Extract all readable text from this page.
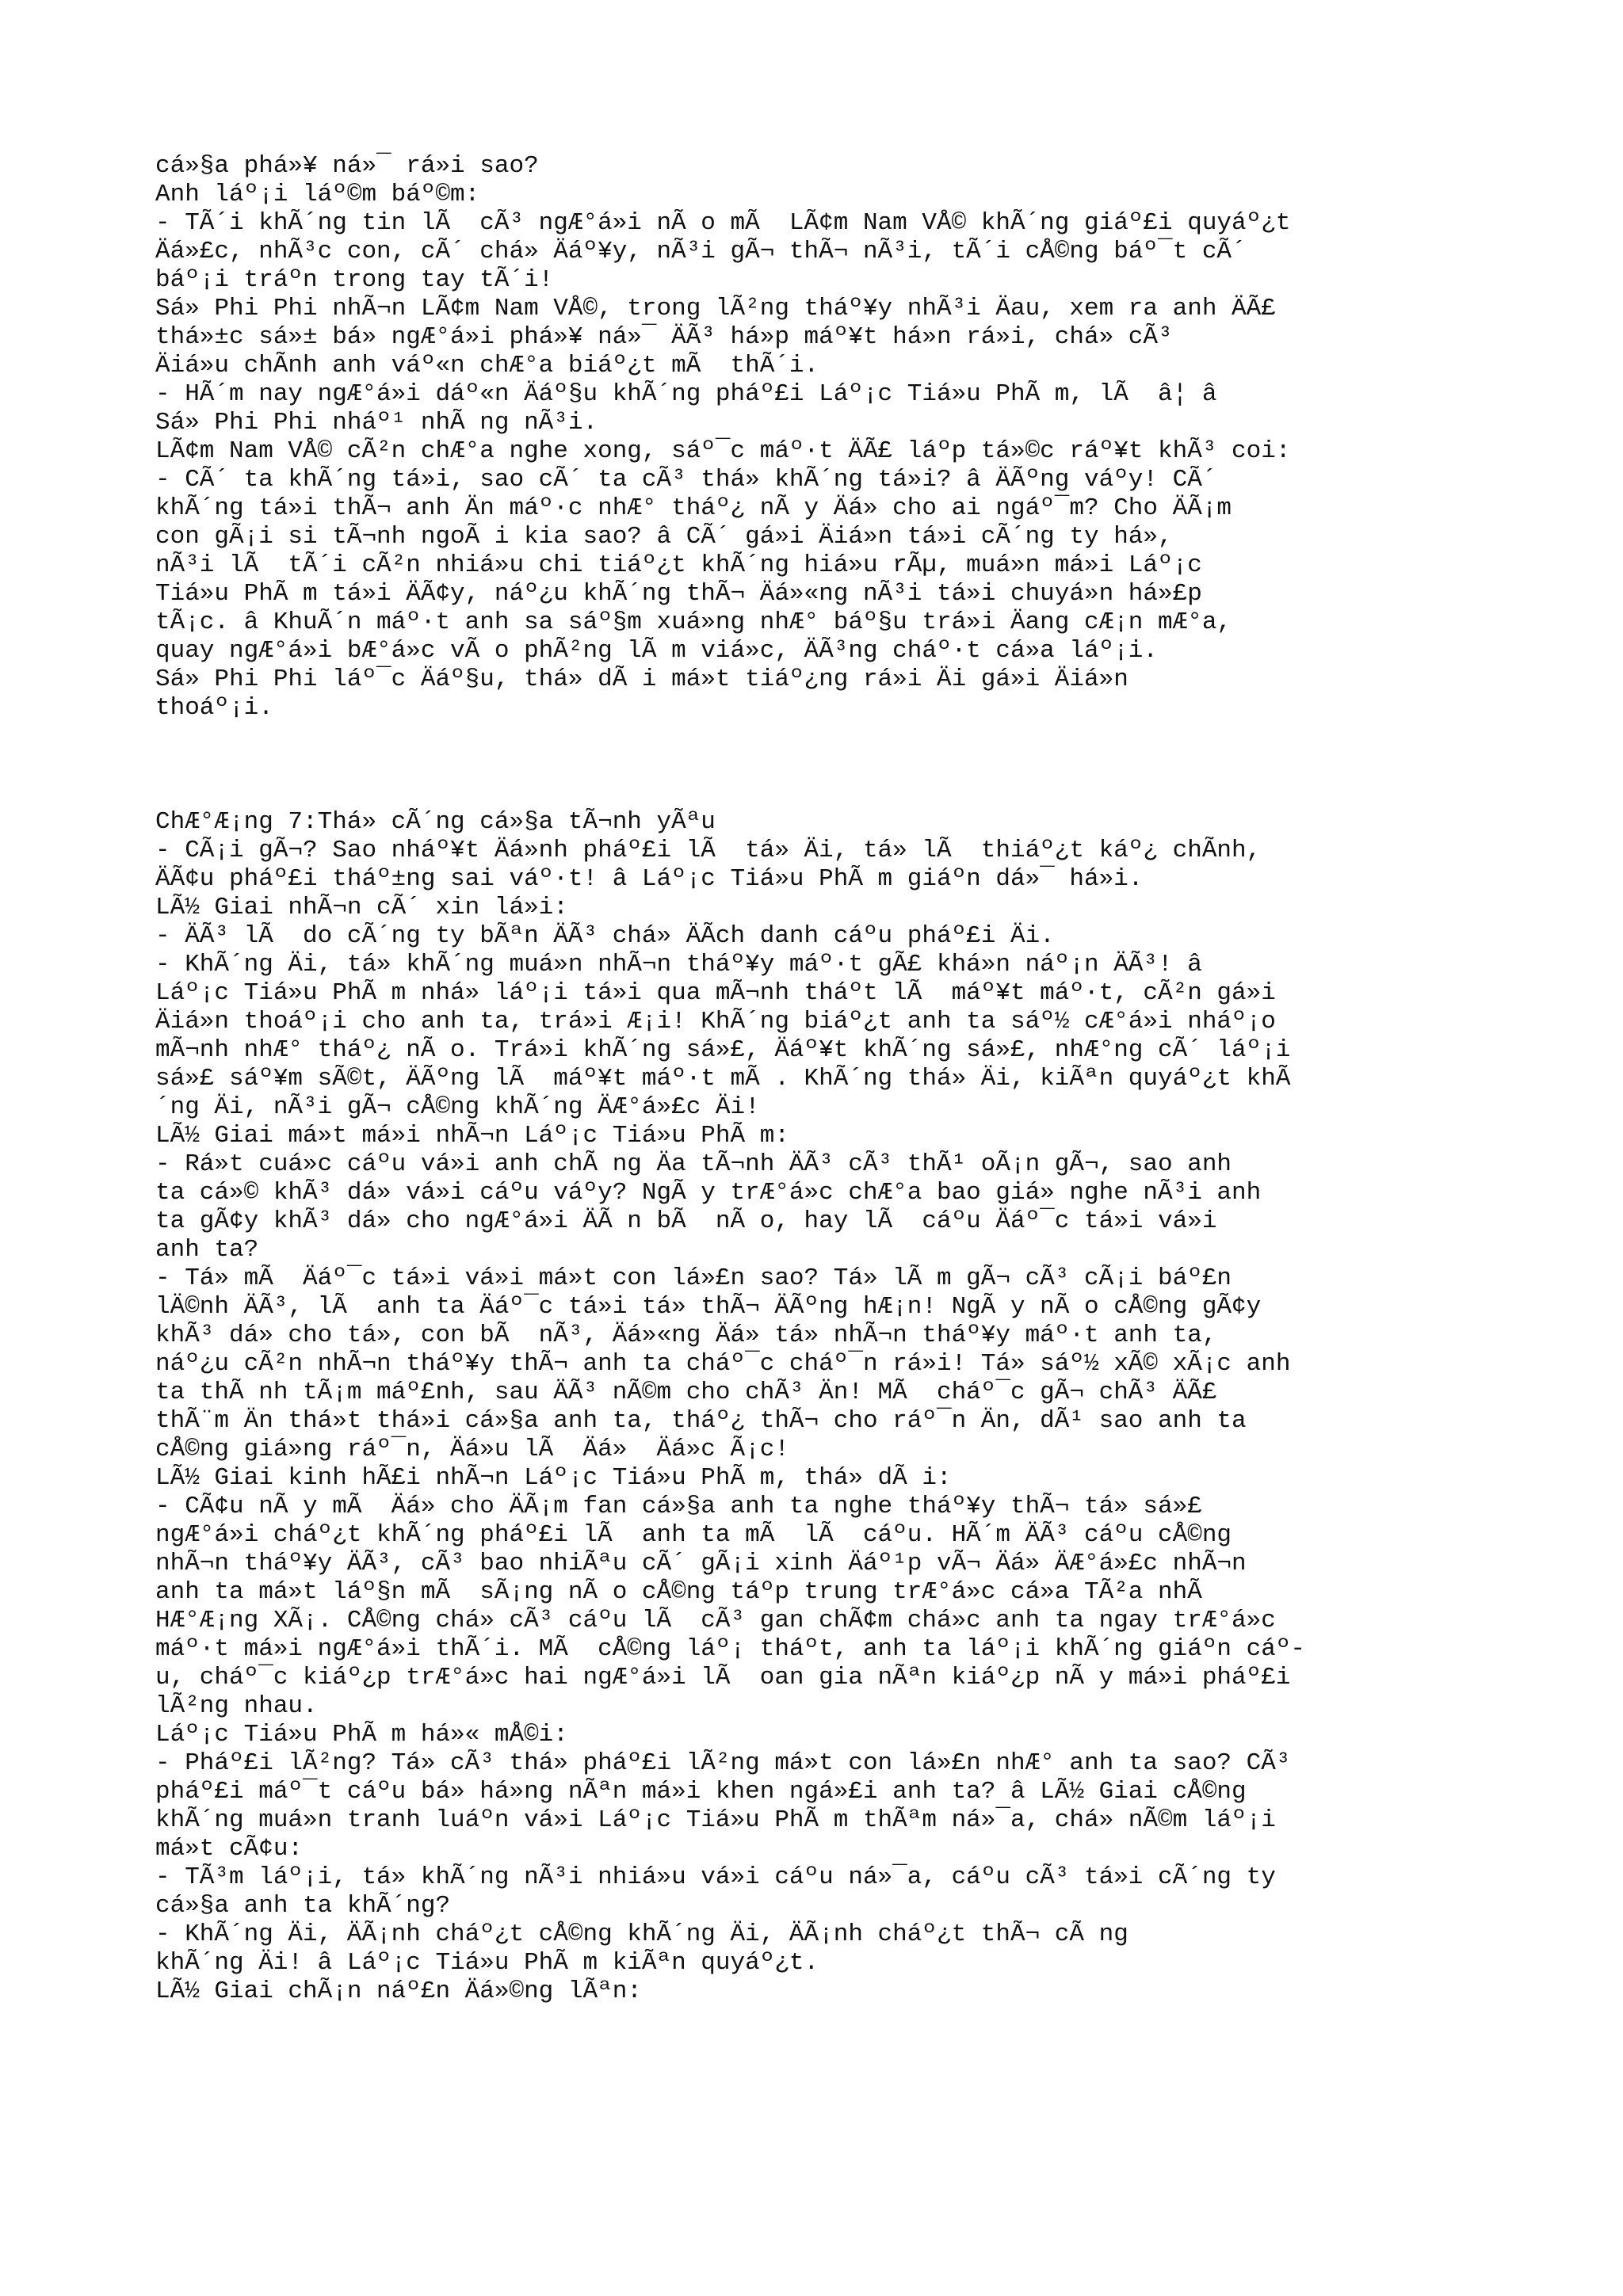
cá»§a phá»¥ ná»¯ rá»i sao?
Anh láº¡i láº©m báº©m:
- TÃ´i khÃ´ng tin lÃ  cÃ³ ngÆ°á»i nÃ o mÃ  LÃ¢m Nam VÅ© khÃ´ng giáº£i quyáº¿t
Äá»£c, nhÃ³c con, cÃ´ chá» Äáº¥y, nÃ³i gÃ¬ thÃ¬ nÃ³i, tÃ´i cÅ©ng báº¯t cÃ´
báº¡i tráºn trong tay tÃ´i!
Sá» Phi Phi nhÃ¬n LÃ¢m Nam VÅ©, trong lÃ²ng tháº¥y nhÃ³i Äau, xem ra anh ÄÃ£
thá»±c sá»± bá» ngÆ°á»i phá»¥ ná»¯ ÄÃ³ há»p máº¥t há»n rá»i, chá» cÃ³
Äiá»u chÃnh anh váº«n chÆ°a biáº¿t mÃ  thÃ´i.
- HÃ´m nay ngÆ°á»i dáº«n Äáº§u khÃ´ng pháº£i Láº¡c Tiá»u PhÃ m, lÃ  â¦ â
Sá» Phi Phi nháº¹ nhÃ ng nÃ³i.
LÃ¢m Nam VÅ© cÃ²n chÆ°a nghe xong, sáº¯c máº·t ÄÃ£ láºp tá»©c ráº¥t khÃ³ coi:
- CÃ´ ta khÃ´ng tá»i, sao cÃ´ ta cÃ³ thá» khÃ´ng tá»i? â ÄÃºng váºy! CÃ´
khÃ´ng tá»i thÃ¬ anh Än máº·c nhÆ° tháº¿ nÃ y Äá» cho ai ngáº¯m? Cho ÄÃ¡m
con gÃ¡i si tÃ¬nh ngoÃ i kia sao? â CÃ´ gá»i Äiá»n tá»i cÃ´ng ty há»,
nÃ³i lÃ  tÃ´i cÃ²n nhiá»u chi tiáº¿t khÃ´ng hiá»u rÃµ, muá»n má»i Láº¡c
Tiá»u PhÃ m tá»i ÄÃ¢y, náº¿u khÃ´ng thÃ¬ Äá»«ng nÃ³i tá»i chuyá»n há»£p
tÃ¡c. â KhuÃ´n máº·t anh sa sáº§m xuá»ng nhÆ° báº§u trá»i Äang cÆ¡n mÆ°a,
quay ngÆ°á»i bÆ°á»c vÃ o phÃ²ng lÃ m viá»c, ÄÃ³ng cháº·t cá»a láº¡i.
Sá» Phi Phi láº¯c Äáº§u, thá» dÃ i má»t tiáº¿ng rá»i Äi gá»i Äiá»n
thoáº¡i.
ChÆ°Æ¡ng 7:Thá» cÃ´ng cá»§a tÃ¬nh yÃªu
- CÃ¡i gÃ¬? Sao nháº¥t Äá»nh pháº£i lÃ  tá» Äi, tá» lÃ  thiáº¿t káº¿ chÃnh,
ÄÃ¢u pháº£i tháº±ng sai váº·t! â Láº¡c Tiá»u PhÃ m giáºn dá»¯ há»i.
LÃ½ Giai nhÃ¬n cÃ´ xin lá»i:
- ÄÃ³ lÃ  do cÃ´ng ty bÃªn ÄÃ³ chá» ÄÃch danh cáºu pháº£i Äi.
- KhÃ´ng Äi, tá» khÃ´ng muá»n nhÃ¬n tháº¥y máº·t gÃ£ khá»n náº¡n ÄÃ³! â
Láº¡c Tiá»u PhÃ m nhá» láº¡i tá»i qua mÃ¬nh tháºt lÃ  máº¥t máº·t, cÃ²n gá»i
Äiá»n thoáº¡i cho anh ta, trá»i Æ¡i! KhÃ´ng biáº¿t anh ta sáº½ cÆ°á»i nháº¡o
mÃ¬nh nhÆ° tháº¿ nÃ o. Trá»i khÃ´ng sá»£, Äáº¥t khÃ´ng sá»£, nhÆ°ng cÃ´ láº¡i
sá»£ sáº¥m sÃ©t, ÄÃºng lÃ  máº¥t máº·t mÃ . KhÃ´ng thá» Äi, kiÃªn quyáº¿t khÃ
´ng Äi, nÃ³i gÃ¬ cÅ©ng khÃ´ng ÄÆ°á»£c Äi!
LÃ½ Giai má»t má»i nhÃ¬n Láº¡c Tiá»u PhÃ m:
- Rá»t cuá»c cáºu vá»i anh chÃ ng Äa tÃ¬nh ÄÃ³ cÃ³ thÃ¹ oÃ¡n gÃ¬, sao anh
ta cá»© khÃ³ dá» vá»i cáºu váºy? NgÃ y trÆ°á»c chÆ°a bao giá» nghe nÃ³i anh
ta gÃ¢y khÃ³ dá» cho ngÆ°á»i ÄÃ n bÃ  nÃ o, hay lÃ  cáºu Äáº¯c tá»i vá»i
anh ta?
- Tá» mÃ  Äáº¯c tá»i vá»i má»t con lá»£n sao? Tá» lÃ m gÃ¬ cÃ³ cÃ¡i báº£n
lÄ©nh ÄÃ³, lÃ  anh ta Äáº¯c tá»i tá» thÃ¬ ÄÃºng hÆ¡n! NgÃ y nÃ o cÅ©ng gÃ¢y
khÃ³ dá» cho tá», con bÃ  nÃ³, Äá»«ng Äá» tá» nhÃ¬n tháº¥y máº·t anh ta,
náº¿u cÃ²n nhÃ¬n tháº¥y thÃ¬ anh ta cháº¯c cháº¯n rá»i! Tá» sáº½ xÃ© xÃ¡c anh
ta thÃ nh tÃ¡m máº£nh, sau ÄÃ³ nÃ©m cho chÃ³ Än! MÃ  cháº¯c gÃ¬ chÃ³ ÄÃ£
thÃ¨m Än thá»t thá»i cá»§a anh ta, tháº¿ thÃ¬ cho ráº¯n Än, dÃ¹ sao anh ta
cÅ©ng giá»ng ráº¯n, Äá»u lÃ  Äá»  Äá»c Ã¡c!
LÃ½ Giai kinh hÃ£i nhÃ¬n Láº¡c Tiá»u PhÃ m, thá» dÃ i:
- CÃ¢u nÃ y mÃ  Äá» cho ÄÃ¡m fan cá»§a anh ta nghe tháº¥y thÃ¬ tá» sá»£
ngÆ°á»i cháº¿t khÃ´ng pháº£i lÃ  anh ta mÃ  lÃ  cáºu. HÃ´m ÄÃ³ cáºu cÅ©ng
nhÃ¬n tháº¥y ÄÃ³, cÃ³ bao nhiÃªu cÃ´ gÃ¡i xinh Äáº¹p vÃ¬ Äá» ÄÆ°á»£c nhÃ¬n
anh ta má»t láº§n mÃ  sÃ¡ng nÃ o cÅ©ng táºp trung trÆ°á»c cá»a TÃ²a nhÃ
HÆ°Æ¡ng XÃ¡. CÅ©ng chá» cÃ³ cáºu lÃ  cÃ³ gan chÃ¢m chá»c anh ta ngay trÆ°á»c
máº·t má»i ngÆ°á»i thÃ´i. MÃ  cÅ©ng láº¡ tháºt, anh ta láº¡i khÃ´ng giáºn cáº-
u, cháº¯c kiáº¿p trÆ°á»c hai ngÆ°á»i lÃ  oan gia nÃªn kiáº¿p nÃ y má»i pháº£i
lÃ²ng nhau.
Láº¡c Tiá»u PhÃ m há»« mÅ©i:
- Pháº£i lÃ²ng? Tá» cÃ³ thá» pháº£i lÃ²ng má»t con lá»£n nhÆ° anh ta sao? CÃ³
pháº£i máº¯t cáºu bá» há»ng nÃªn má»i khen ngá»£i anh ta? â LÃ½ Giai cÅ©ng
khÃ´ng muá»n tranh luáºn vá»i Láº¡c Tiá»u PhÃ m thÃªm ná»¯a, chá» nÃ©m láº¡i
má»t cÃ¢u:
- TÃ³m láº¡i, tá» khÃ´ng nÃ³i nhiá»u vá»i cáºu ná»¯a, cáºu cÃ³ tá»i cÃ´ng ty
cá»§a anh ta khÃ´ng?
- KhÃ´ng Äi, ÄÃ¡nh cháº¿t cÅ©ng khÃ´ng Äi, ÄÃ¡nh cháº¿t thÃ¬ cÃ ng
khÃ´ng Äi! â Láº¡c Tiá»u PhÃ m kiÃªn quyáº¿t.
LÃ½ Giai chÃ¡n náº£n Äá»©ng lÃªn:
